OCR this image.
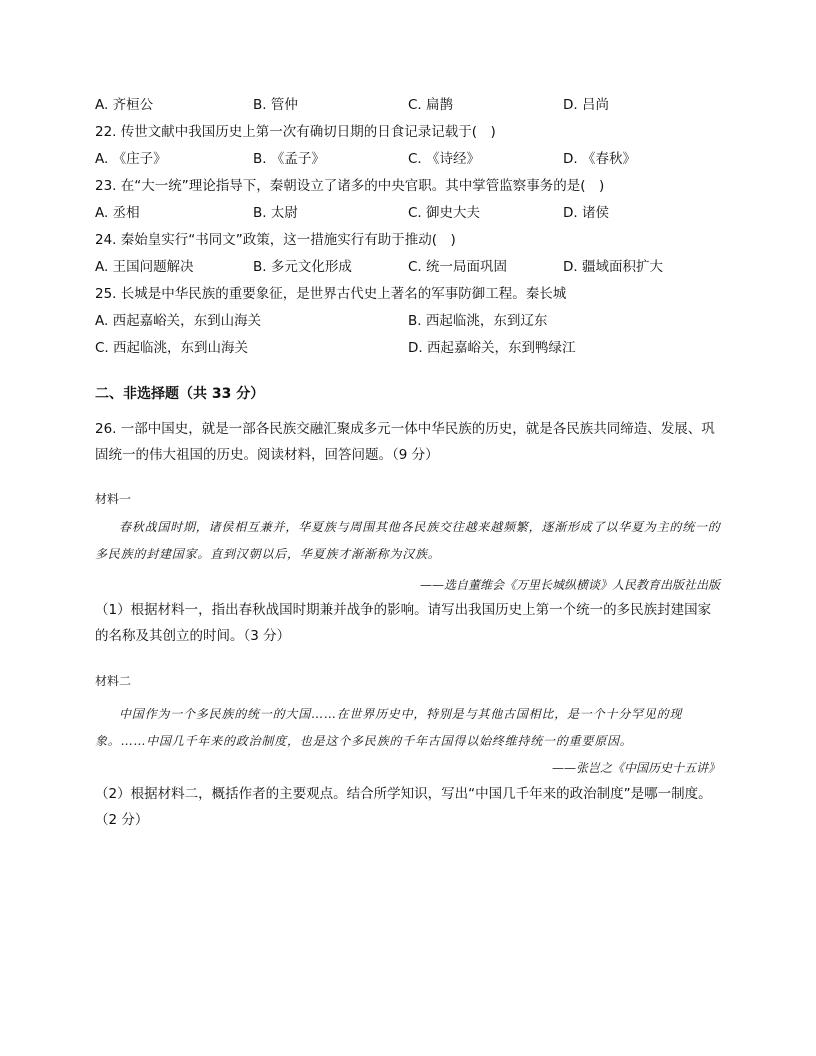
A. 齐桓公	B. 管仲	C. 扁鹊	D. 吕尚
22. 传世文献中我国历史上第一次有确切日期的日食记录记载于(　)
A. 《庄子》	B. 《孟子》	C. 《诗经》	D. 《春秋》
23. 在“大一统”理论指导下，秦朝设立了诸多的中央官职。其中掌管监察事务的是(　)
A. 丞相	B. 太尉	C. 御史大夫	D. 诸侯
24. 秦始皇实行“书同文”政策，这一措施实行有助于推动(　)
A. 王国问题解决	B. 多元文化形成	C. 统一局面巩固	D. 疆域面积扩大
25. 长城是中华民族的重要象征，是世界古代史上著名的军事防御工程。秦长城
A. 西起嘉峪关，东到山海关	B. 西起临洮，东到辽东
C. 西起临洮，东到山海关	D. 西起嘉峪关，东到鸭绿江
二、非选择题（共 33 分）
26. 一部中国史，就是一部各民族交融汇聚成多元一体中华民族的历史，就是各民族共同缔造、发展、巩固统一的伟大祖国的历史。阅读材料，回答问题。（9 分）
材料一
春秋战国时期，诸侯相互兼并，华夏族与周围其他各民族交往越来越频繁，逐渐形成了以华夏为主的统一的多民族的封建国家。直到汉朝以后，华夏族才渐渐称为汉族。
——选自董维会《万里长城纵横谈》人民教育出版社出版
（1）根据材料一，指出春秋战国时期兼并战争的影响。请写出我国历史上第一个统一的多民族封建国家的名称及其创立的时间。（3 分）
材料二
中国作为一个多民族的统一的大国……在世界历史中，特别是与其他古国相比，是一个十分罕见的现象。……中国几千年来的政治制度，也是这个多民族的千年古国得以始终维持统一的重要原因。
——张岂之《中国历史十五讲》
（2）根据材料二，概括作者的主要观点。结合所学知识，写出“中国几千年来的政治制度”是哪一制度。（2 分）
